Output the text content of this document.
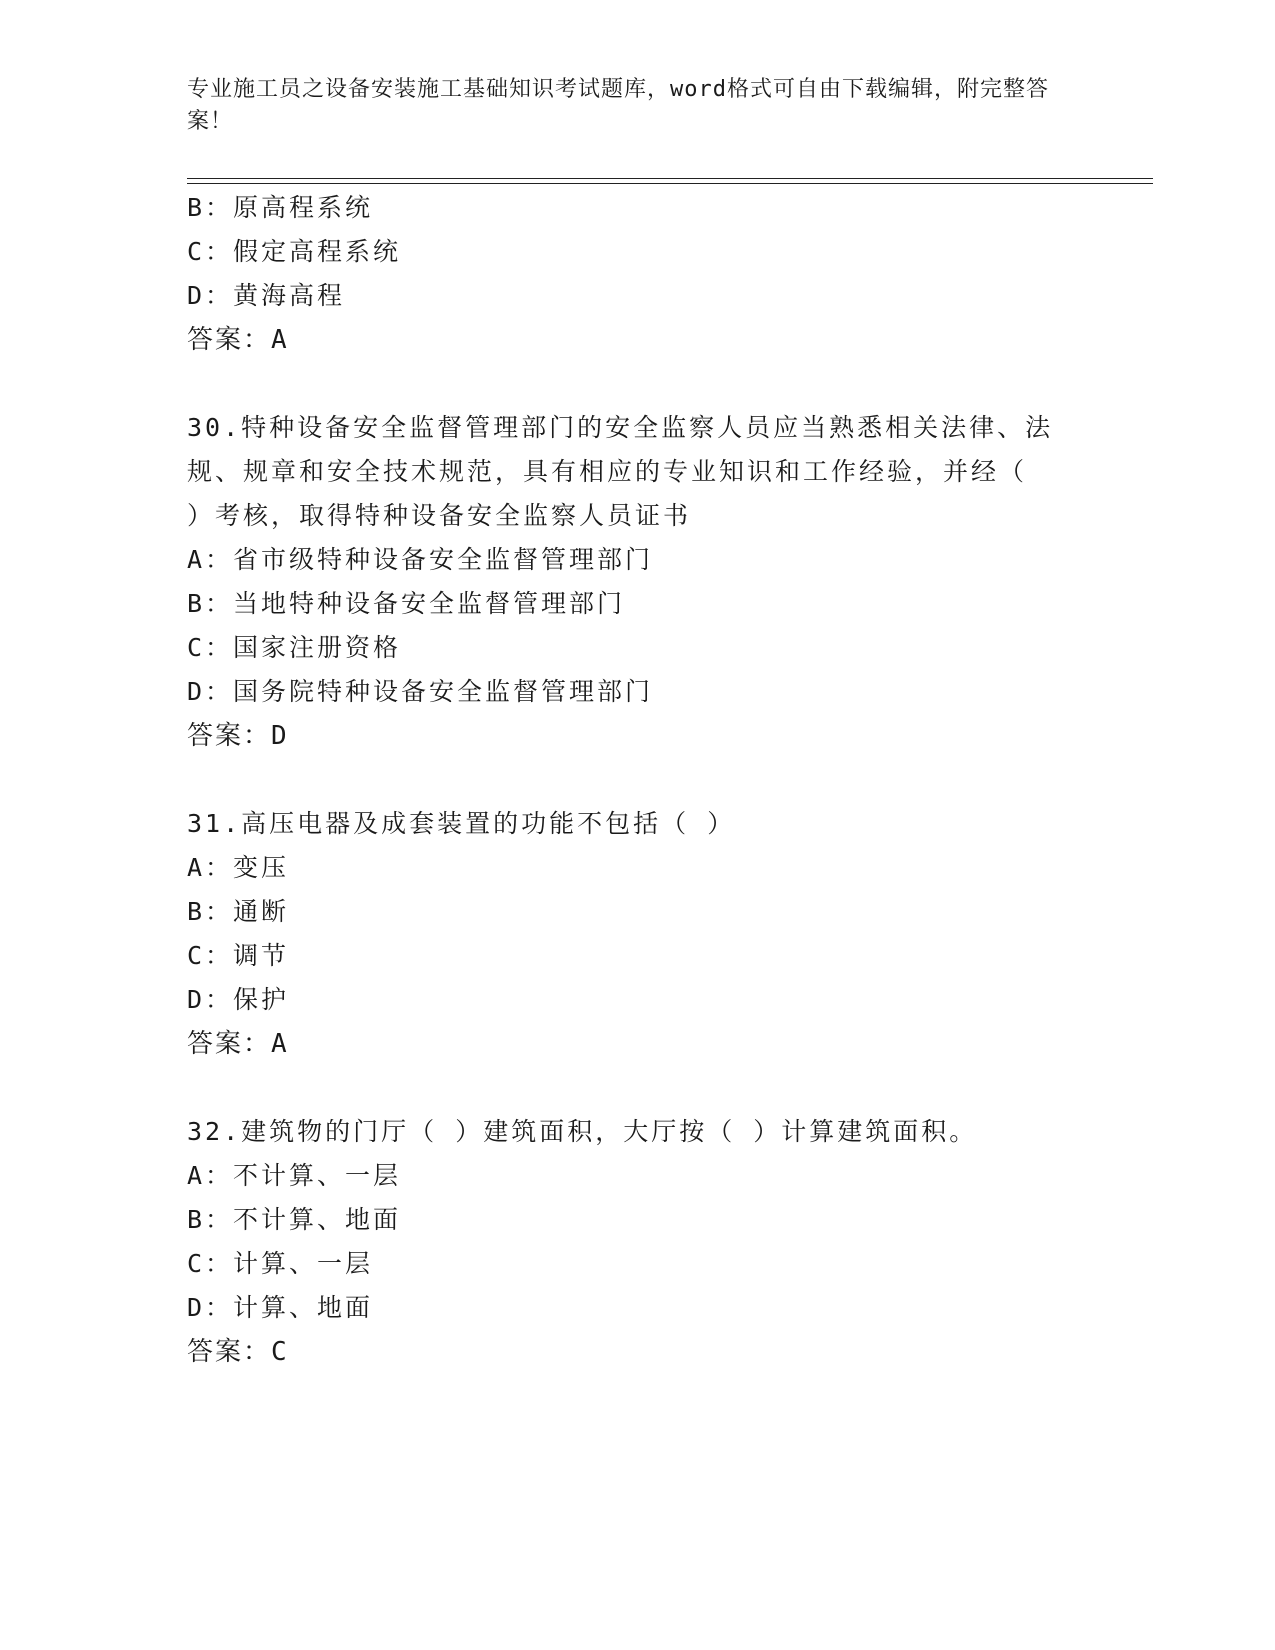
专业施工员之设备安装施工基础知识考试题库，word格式可自由下载编辑，附完整答案！
B：原高程系统
C：假定高程系统
D：黄海高程
答案：A
30.特种设备安全监督管理部门的安全监察人员应当熟悉相关法律、法
规、规章和安全技术规范，具有相应的专业知识和工作经验，并经（
）考核，取得特种设备安全监察人员证书
A：省市级特种设备安全监督管理部门
B：当地特种设备安全监督管理部门
C：国家注册资格
D：国务院特种设备安全监督管理部门
答案：D
31.高压电器及成套装置的功能不包括（ ）
A：变压
B：通断
C：调节
D：保护
答案：A
32.建筑物的门厅（ ）建筑面积，大厅按（ ）计算建筑面积。
A：不计算、一层
B：不计算、地面
C：计算、一层
D：计算、地面
答案：C
